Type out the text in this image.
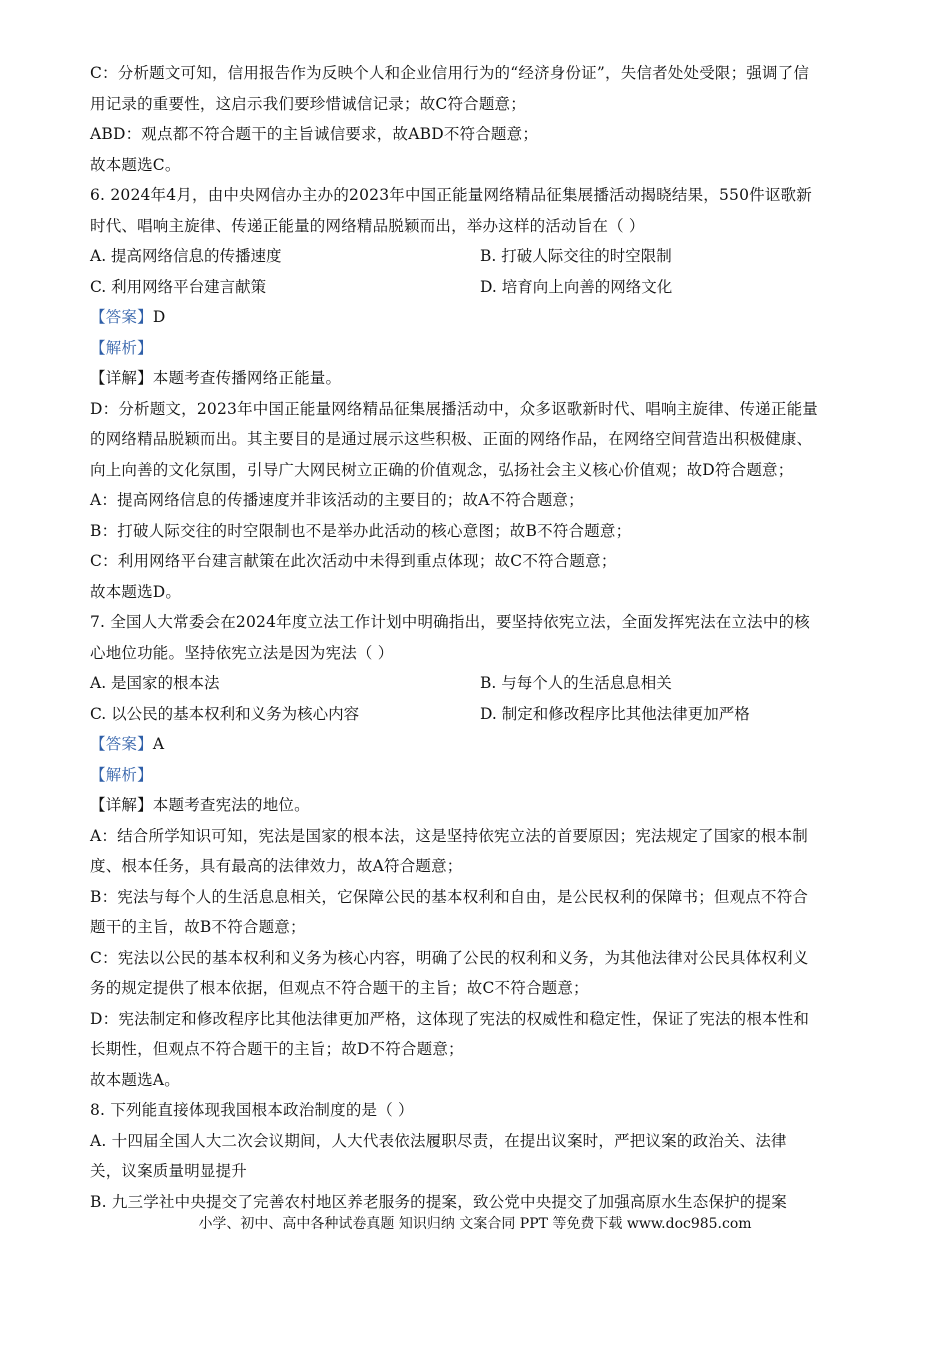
C：分析题文可知，信用报告作为反映个人和企业信用行为的“经济身份证”，失信者处处受限；强调了信

用记录的重要性，这启示我们要珍惜诚信记录；故C符合题意；

ABD：观点都不符合题干的主旨诚信要求，故ABD不符合题意；

故本题选C。

6. 2024年4月，由中央网信办主办的2023年中国正能量网络精品征集展播活动揭晓结果，550件讴歌新

时代、唱响主旋律、传递正能量的网络精品脱颖而出，举办这样的活动旨在（ ）

A. 提高网络信息的传播速度	B. 打破人际交往的时空限制
C. 利用网络平台建言献策	D. 培育向上向善的网络文化

【答案】D

【解析】

【详解】本题考查传播网络正能量。

D：分析题文，2023年中国正能量网络精品征集展播活动中，众多讴歌新时代、唱响主旋律、传递正能量

的网络精品脱颖而出。其主要目的是通过展示这些积极、正面的网络作品，在网络空间营造出积极健康、

向上向善的文化氛围，引导广大网民树立正确的价值观念，弘扬社会主义核心价值观；故D符合题意；

A：提高网络信息的传播速度并非该活动的主要目的；故A不符合题意；

B：打破人际交往的时空限制也不是举办此活动的核心意图；故B不符合题意；

C：利用网络平台建言献策在此次活动中未得到重点体现；故C不符合题意；

故本题选D。

7. 全国人大常委会在2024年度立法工作计划中明确指出，要坚持依宪立法，全面发挥宪法在立法中的核

心地位功能。坚持依宪立法是因为宪法（ ）

A. 是国家的根本法	B. 与每个人的生活息息相关
C. 以公民的基本权利和义务为核心内容	D. 制定和修改程序比其他法律更加严格

【答案】A

【解析】

【详解】本题考查宪法的地位。

A：结合所学知识可知，宪法是国家的根本法，这是坚持依宪立法的首要原因；宪法规定了国家的根本制

度、根本任务，具有最高的法律效力，故A符合题意；

B：宪法与每个人的生活息息相关，它保障公民的基本权利和自由，是公民权利的保障书；但观点不符合

题干的主旨，故B不符合题意；

C：宪法以公民的基本权利和义务为核心内容，明确了公民的权利和义务，为其他法律对公民具体权利义

务的规定提供了根本依据，但观点不符合题干的主旨；故C不符合题意；

D：宪法制定和修改程序比其他法律更加严格，这体现了宪法的权威性和稳定性，保证了宪法的根本性和

长期性，但观点不符合题干的主旨；故D不符合题意；

故本题选A。

8. 下列能直接体现我国根本政治制度的是（ ）

A. 十四届全国人大二次会议期间，人大代表依法履职尽责，在提出议案时，严把议案的政治关、法律

关，议案质量明显提升

B. 九三学社中央提交了完善农村地区养老服务的提案，致公党中央提交了加强高原水生态保护的提案

小学、初中、高中各种试卷真题 知识归纳 文案合同 PPT 等免费下载 www.doc985.com
